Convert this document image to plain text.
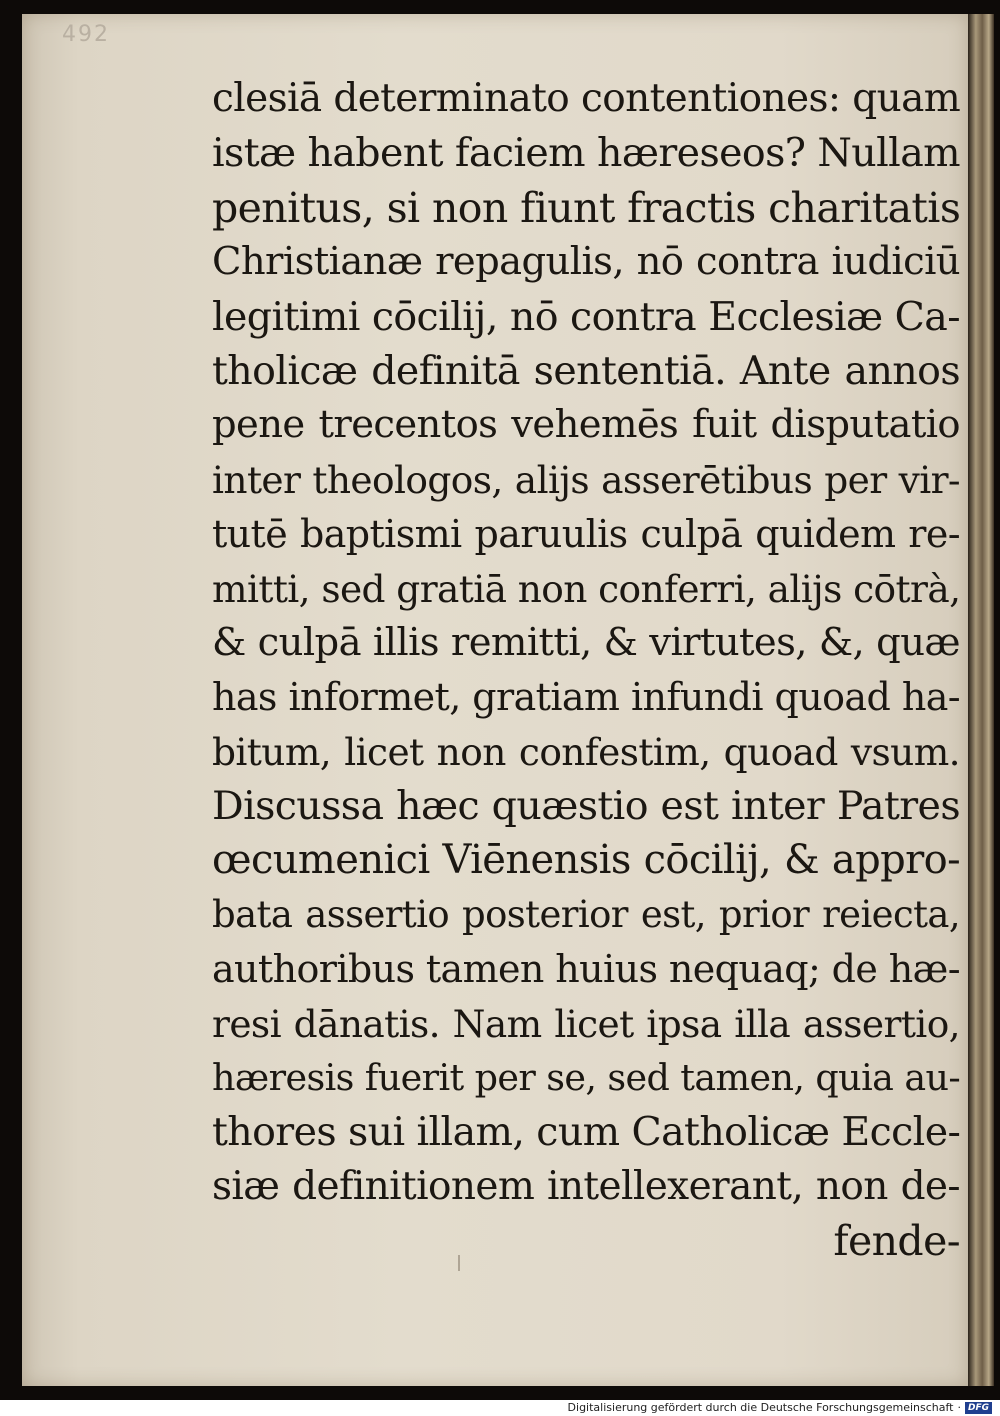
492
clesiā determinato contentiones: quam
istæ habent faciem hæreseos? Nullam
penitus, si non fiunt fractis charitatis
Christianæ repagulis, nō contra iudiciū
legitimi cōcilij, nō contra Ecclesiæ Ca-
tholicæ definitā sententiā. Ante annos
pene trecentos vehemēs fuit disputatio
inter theologos, alijs asserētibus per vir-
tutē baptismi paruulis culpā quidem re-
mitti, sed gratiā non conferri, alijs cōtrà,
& culpā illis remitti, & virtutes, &, quæ
has informet, gratiam infundi quoad ha-
bitum, licet non confestim, quoad vsum.
Discussa hæc quæstio est inter Patres
œcumenici Viēnensis cōcilij, & appro-
bata assertio posterior est, prior reiecta,
authoribus tamen huius nequaq; de hæ-
resi dānatis. Nam licet ipsa illa assertio,
hæresis fuerit per se, sed tamen, quia au-
thores sui illam, cum Catholicæ Eccle-
siæ definitionem intellexerant, non de-
fende-
Digitalisierung gefördert durch die Deutsche Forschungsgemeinschaft · DFG
